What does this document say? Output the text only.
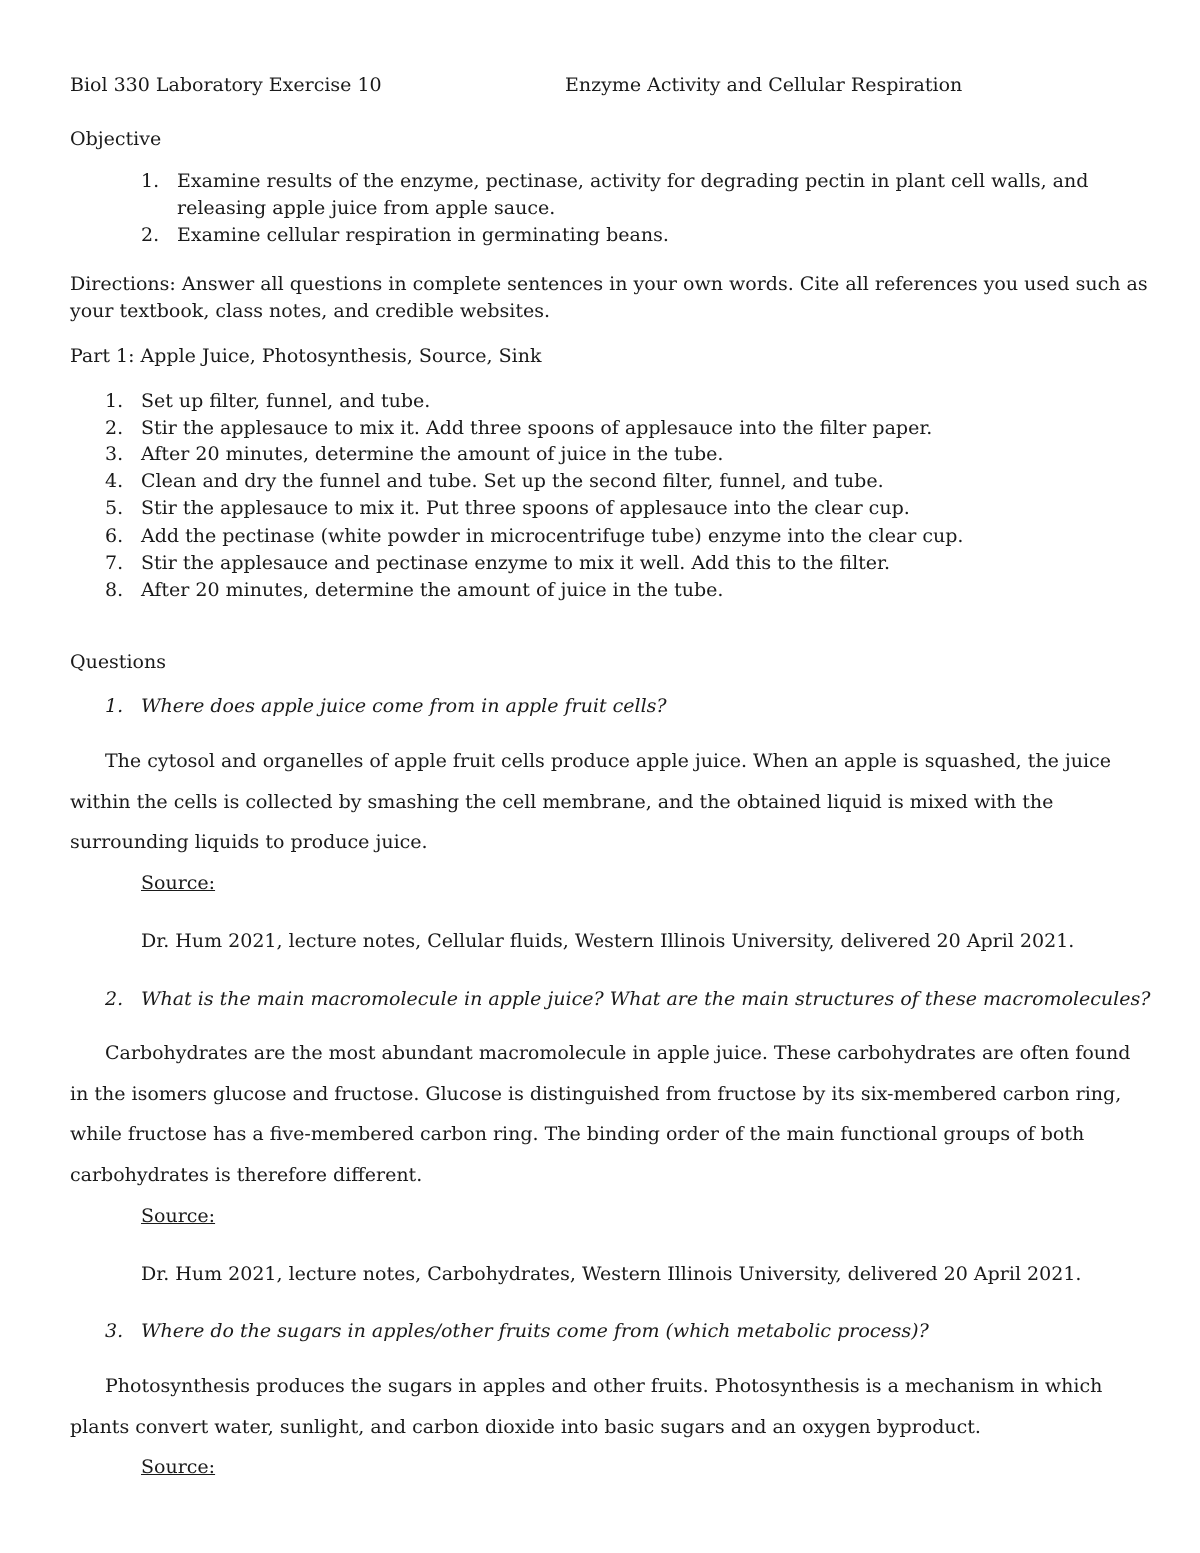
Biol 330 Laboratory Exercise 10	Enzyme Activity and Cellular Respiration
Objective
1. Examine results of the enzyme, pectinase, activity for degrading pectin in plant cell walls, and
releasing apple juice from apple sauce.
2. Examine cellular respiration in germinating beans.
Directions: Answer all questions in complete sentences in your own words. Cite all references you used such as
your textbook, class notes, and credible websites.
Part 1: Apple Juice, Photosynthesis, Source, Sink
1. Set up filter, funnel, and tube.
2. Stir the applesauce to mix it. Add three spoons of applesauce into the filter paper.
3. After 20 minutes, determine the amount of juice in the tube.
4. Clean and dry the funnel and tube. Set up the second filter, funnel, and tube.
5. Stir the applesauce to mix it. Put three spoons of applesauce into the clear cup.
6. Add the pectinase (white powder in microcentrifuge tube) enzyme into the clear cup.
7. Stir the applesauce and pectinase enzyme to mix it well. Add this to the filter.
8. After 20 minutes, determine the amount of juice in the tube.
Questions
1. Where does apple juice come from in apple fruit cells?
The cytosol and organelles of apple fruit cells produce apple juice. When an apple is squashed, the juice within the cells is collected by smashing the cell membrane, and the obtained liquid is mixed with the surrounding liquids to produce juice.
Source:
Dr. Hum 2021, lecture notes, Cellular fluids, Western Illinois University, delivered 20 April 2021.
2. What is the main macromolecule in apple juice? What are the main structures of these macromolecules?
Carbohydrates are the most abundant macromolecule in apple juice. These carbohydrates are often found in the isomers glucose and fructose. Glucose is distinguished from fructose by its six-membered carbon ring, while fructose has a five-membered carbon ring. The binding order of the main functional groups of both carbohydrates is therefore different.
Source:
Dr. Hum 2021, lecture notes, Carbohydrates, Western Illinois University, delivered 20 April 2021.
3. Where do the sugars in apples/other fruits come from (which metabolic process)?
Photosynthesis produces the sugars in apples and other fruits. Photosynthesis is a mechanism in which plants convert water, sunlight, and carbon dioxide into basic sugars and an oxygen byproduct.
Source:
